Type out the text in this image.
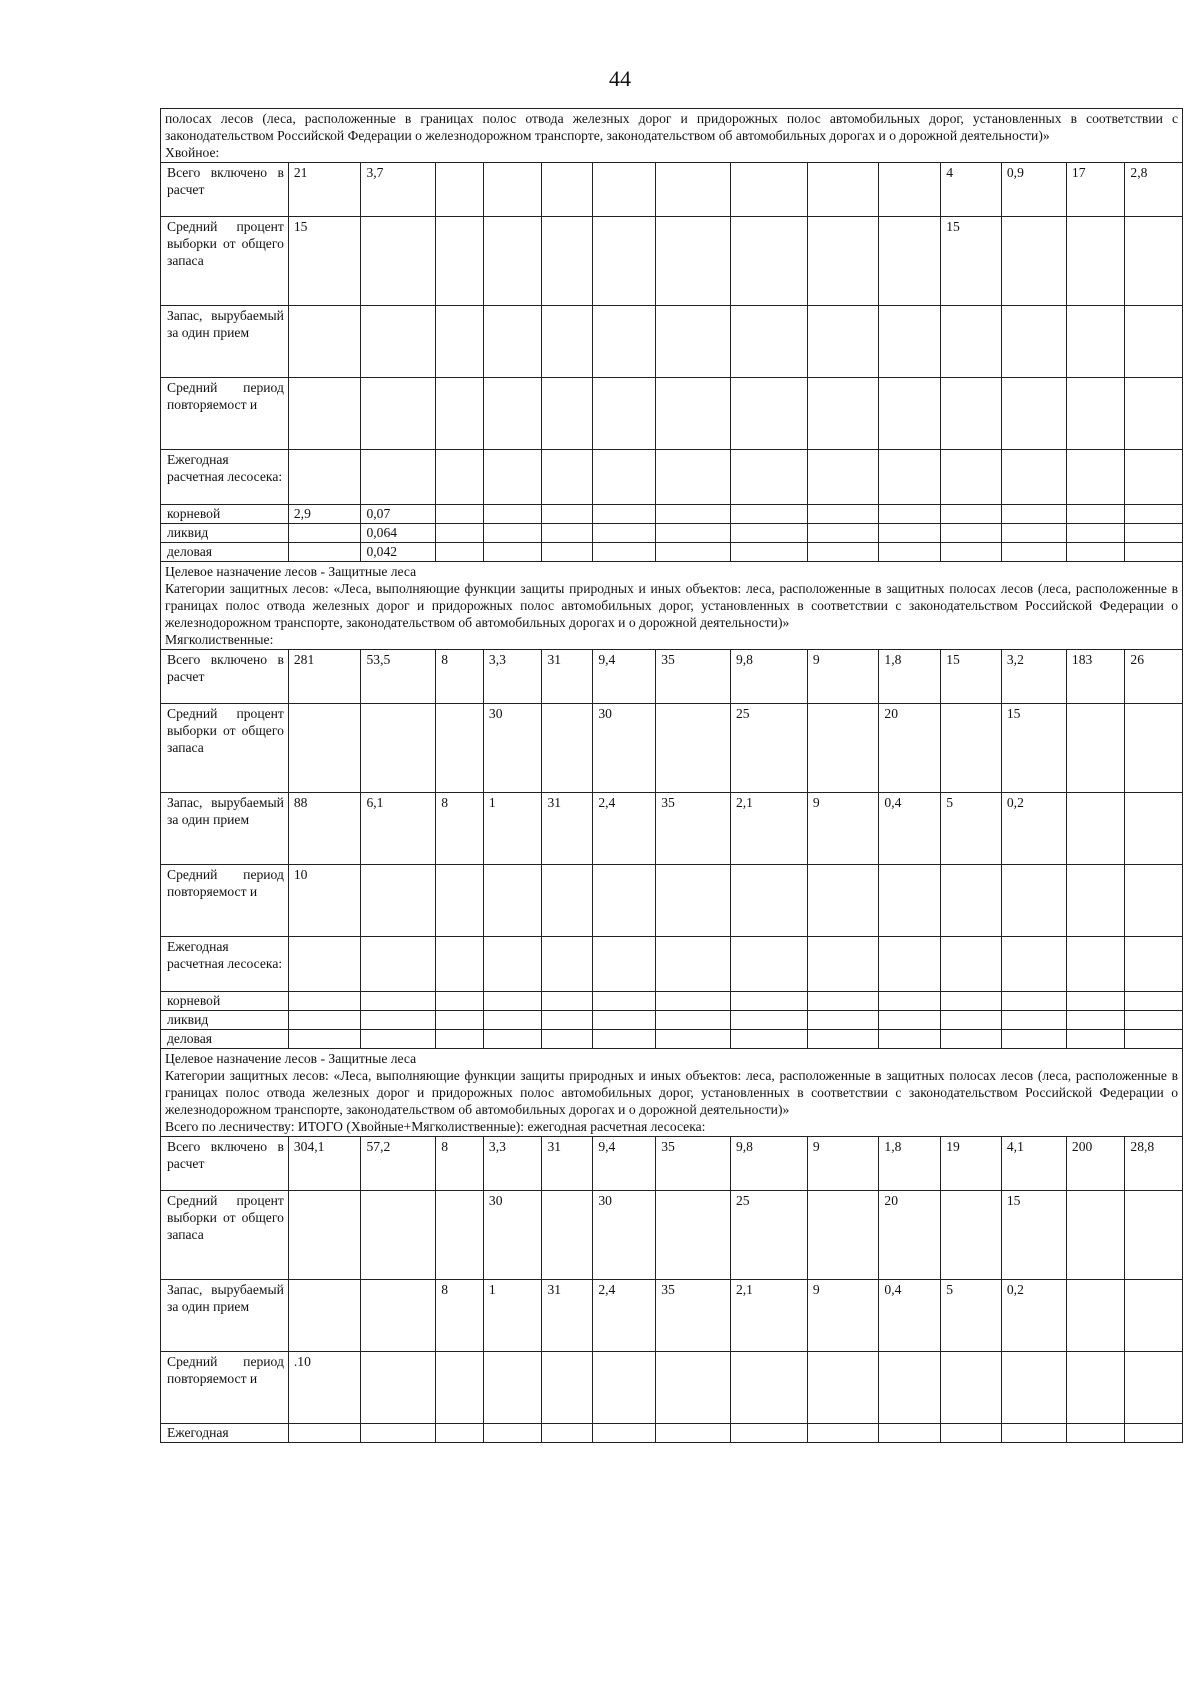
44

полосах лесов (леса, расположенные в границах полос отвода железных дорог и придорожных полос автомобильных дорог, установленных в соответствии с законодательством Российской Федерации о железнодорожном транспорте, законодательством об автомобильных дорогах и о дорожной деятельности)»

Хвойное:

Всего включено в расчет	21	3,7									4	0,9	17	2,8
Средний процент выборки от общего запаса	15										15			
Запас, вырубаемый за один прием														
Средний период повторяемост и														
Ежегодная расчетная лесосека:														
корневой	2,9	0,07												
ликвид		0,064												
деловая		0,042												

Целевое назначение лесов - Защитные леса

Категории защитных лесов: «Леса, выполняющие функции защиты природных и иных объектов: леса, расположенные в защитных полосах лесов (леса, расположенные в границах полос отвода железных дорог и придорожных полос автомобильных дорог, установленных в соответствии с законодательством Российской Федерации о железнодорожном транспорте, законодательством об автомобильных дорогах и о дорожной деятельности)»

Мягколиственные:

Всего включено в расчет	281	53,5	8	3,3	31	9,4	35	9,8	9	1,8	15	3,2	183	26
Средний процент выборки от общего запаса				30		30		25		20		15		
Запас, вырубаемый за один прием	88	6,1	8	1	31	2,4	35	2,1	9	0,4	5	0,2		
Средний период повторяемост и	10													
Ежегодная расчетная лесосека:														
корневой														
ликвид														
деловая														

Целевое назначение лесов - Защитные леса

Категории защитных лесов: «Леса, выполняющие функции защиты природных и иных объектов: леса, расположенные в защитных полосах лесов (леса, расположенные в границах полос отвода железных дорог и придорожных полос автомобильных дорог, установленных в соответствии с законодательством Российской Федерации о железнодорожном транспорте, законодательством об автомобильных дорогах и о дорожной деятельности)»

Всего по лесничеству: ИТОГО (Хвойные+Мягколиственные): ежегодная расчетная лесосека:

Всего включено в расчет	304,1	57,2	8	3,3	31	9,4	35	9,8	9	1,8	19	4,1	200	28,8
Средний процент выборки от общего запаса				30		30		25		20		15		
Запас, вырубаемый за один прием			8	1	31	2,4	35	2,1	9	0,4	5	0,2		
Средний период повторяемост и	.10													
Ежегодная														
